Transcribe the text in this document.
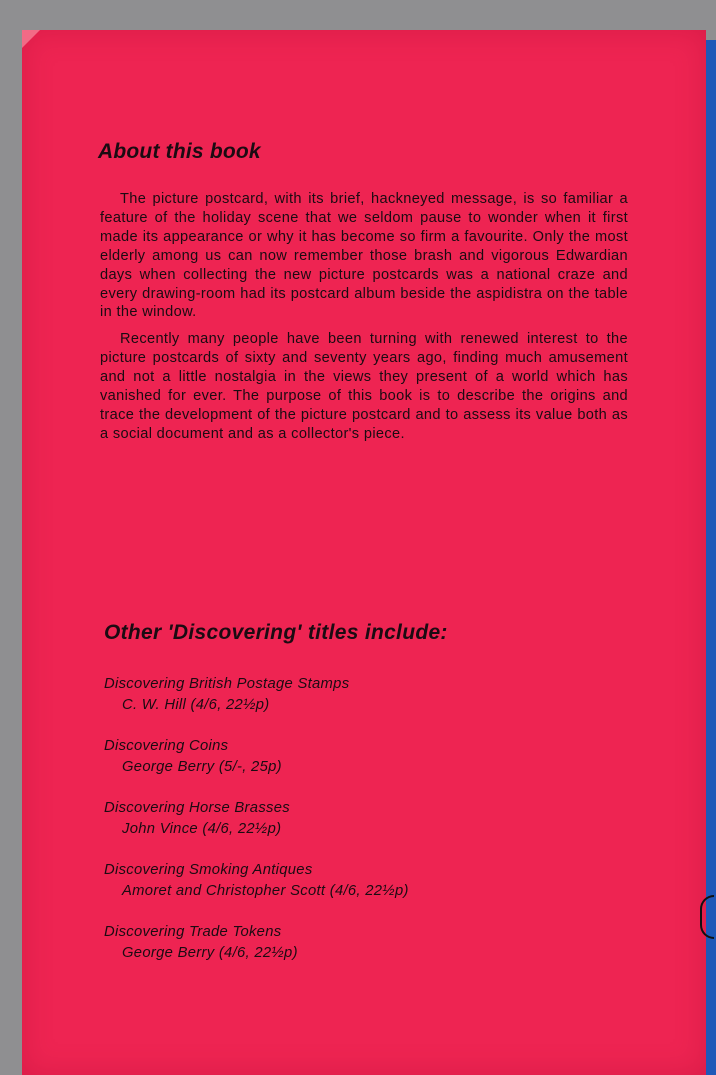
About this book

The picture postcard, with its brief, hackneyed message, is so familiar a feature of the holiday scene that we seldom pause to wonder when it first made its appearance or why it has become so firm a favourite. Only the most elderly among us can now remember those brash and vigorous Edwardian days when collecting the new picture postcards was a national craze and every drawing-room had its postcard album beside the aspidistra on the table in the window.

Recently many people have been turning with renewed interest to the picture postcards of sixty and seventy years ago, finding much amusement and not a little nostalgia in the views they present of a world which has vanished for ever. The purpose of this book is to describe the origins and trace the development of the picture postcard and to assess its value both as a social document and as a collector's piece.

Other 'Discovering' titles include:
Discovering British Postage Stamps
C. W. Hill (4/6, 22½p)
Discovering Coins
George Berry (5/-, 25p)
Discovering Horse Brasses
John Vince (4/6, 22½p)
Discovering Smoking Antiques
Amoret and Christopher Scott (4/6, 22½p)
Discovering Trade Tokens
George Berry (4/6, 22½p)
